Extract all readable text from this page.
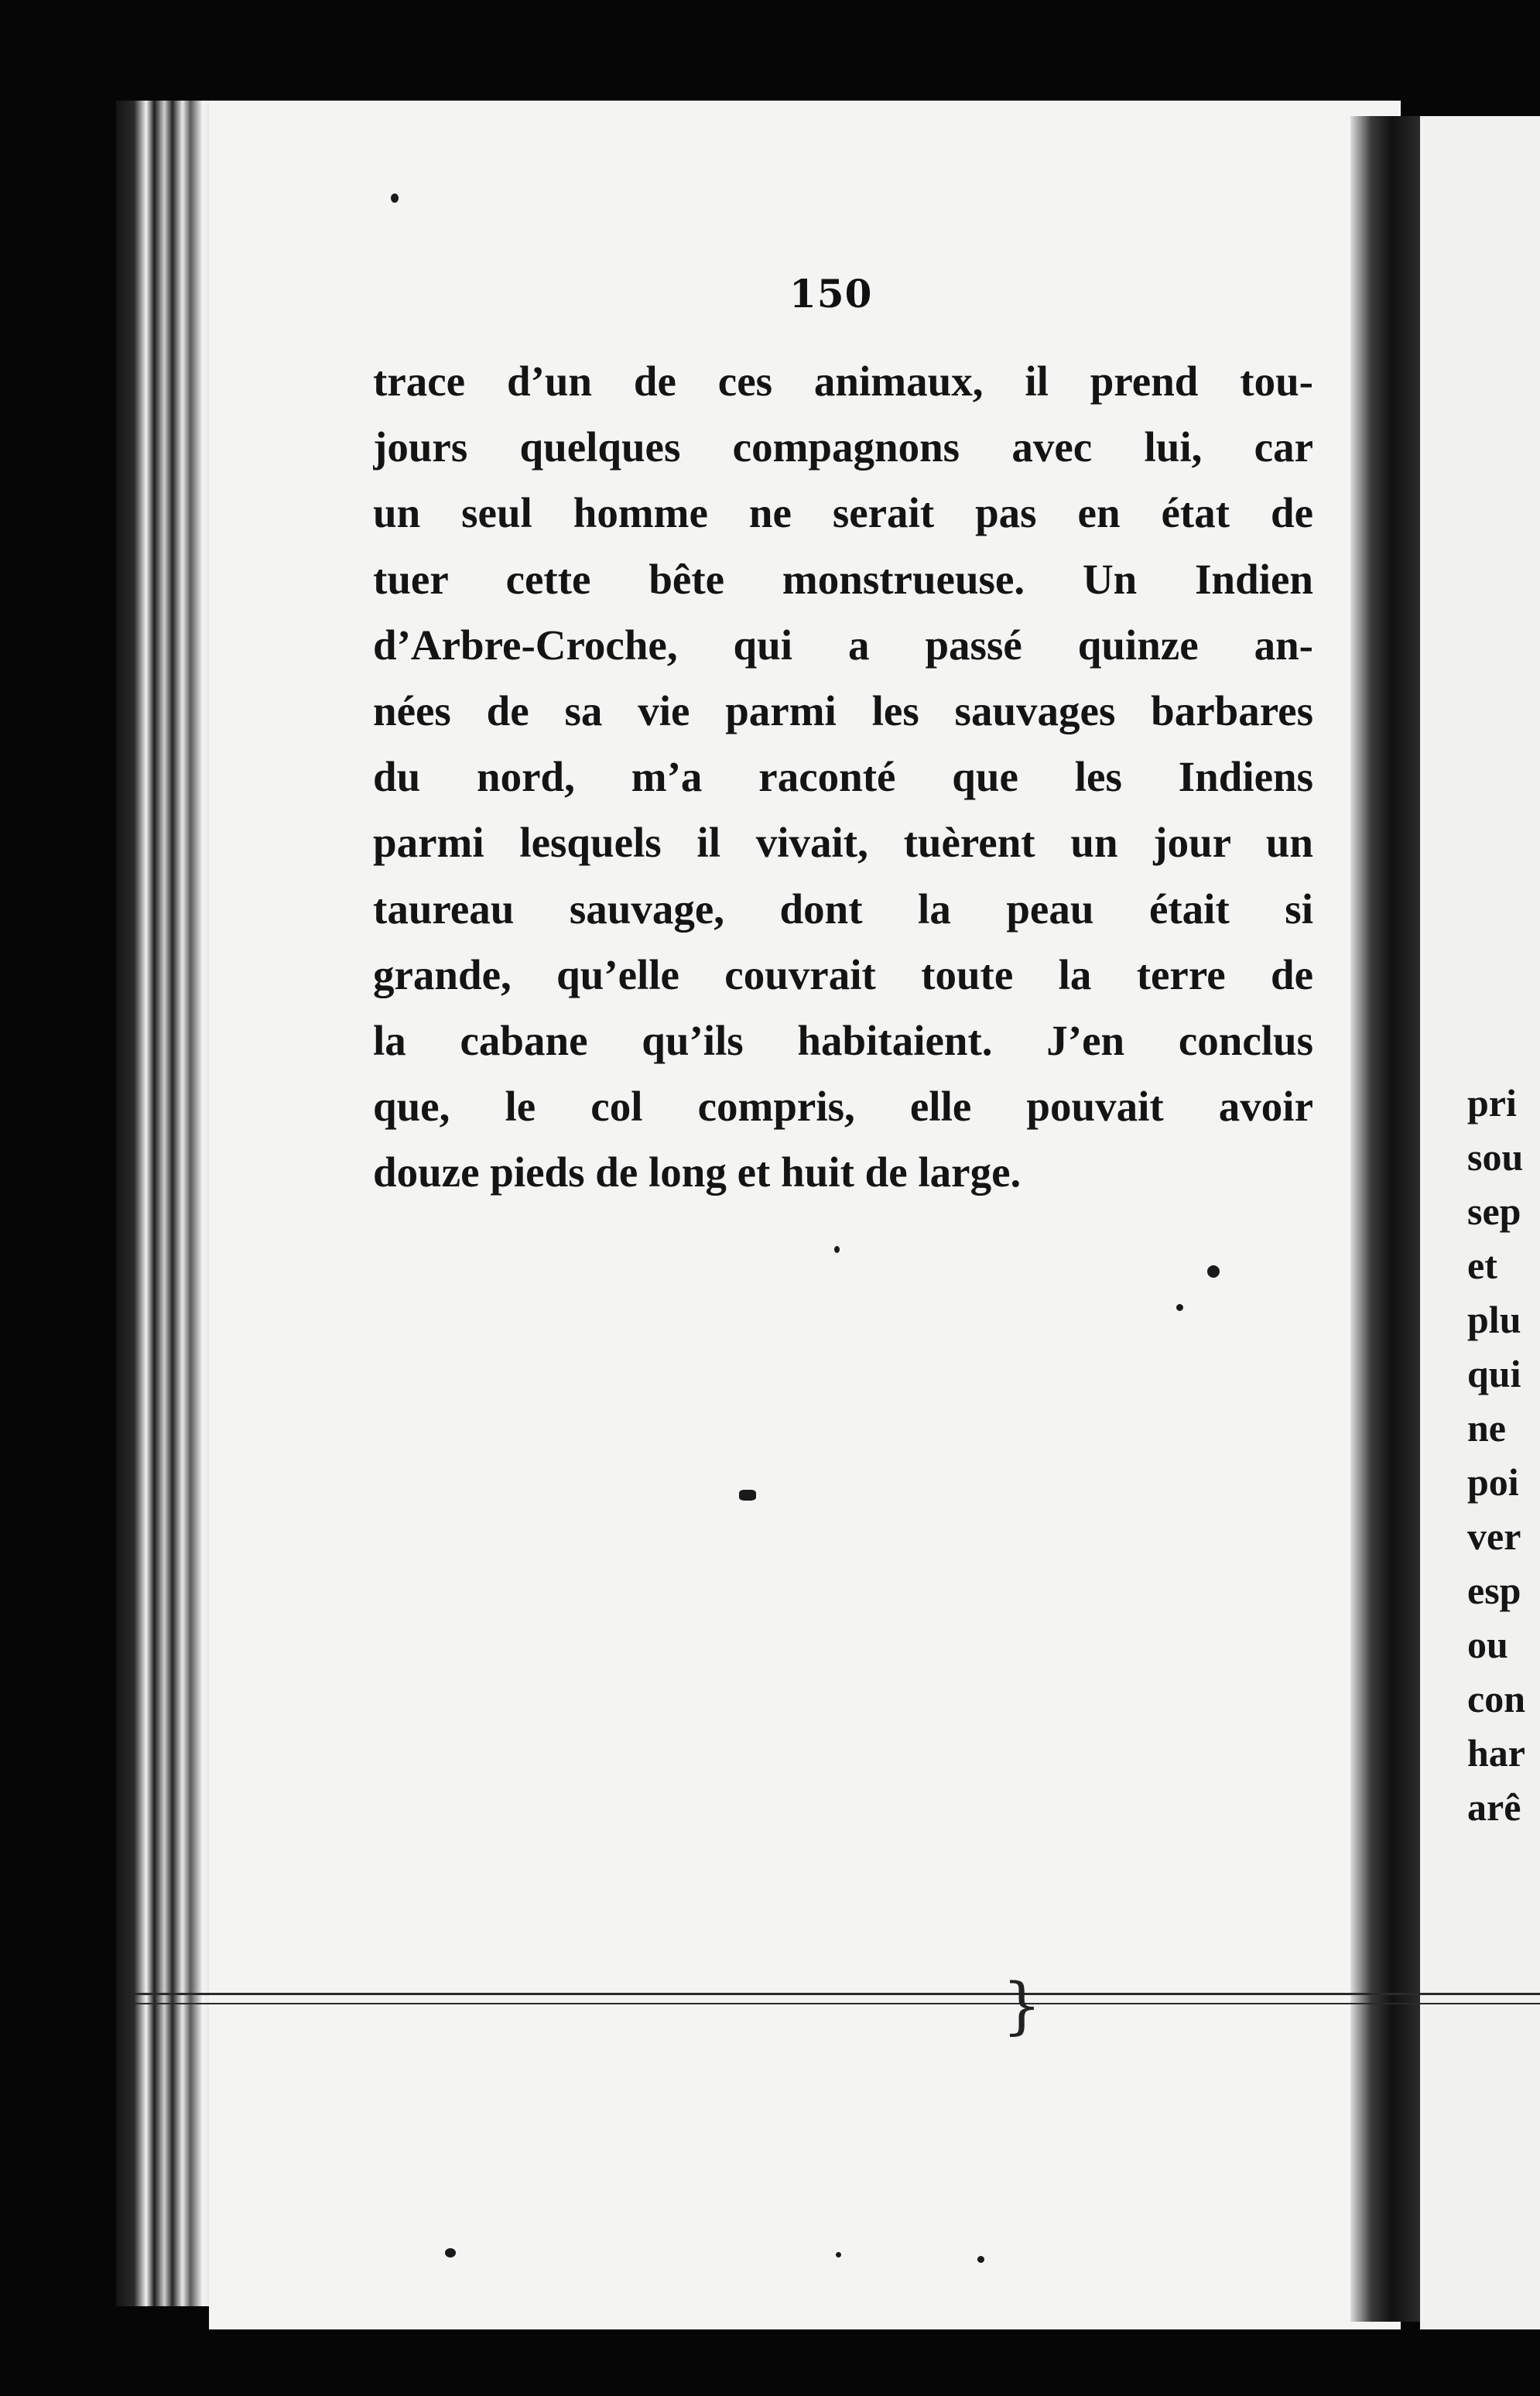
150
trace d’un de ces animaux, il prend tou-
jours quelques compagnons avec lui, car
un seul homme ne serait pas en état de
tuer cette bête monstrueuse. Un Indien
d’Arbre-Croche, qui a passé quinze an-
nées de sa vie parmi les sauvages barbares
du nord, m’a raconté que les Indiens
parmi lesquels il vivait, tuèrent un jour un
taureau sauvage, dont la peau était si
grande, qu’elle couvrait toute la terre de
la cabane qu’ils habitaient. J’en conclus
que, le col compris, elle pouvait avoir
douze pieds de long et huit de large.
pri
sou
sep
et
plu
qui
ne
poi
ver
esp
ou
con
har
arê
}
